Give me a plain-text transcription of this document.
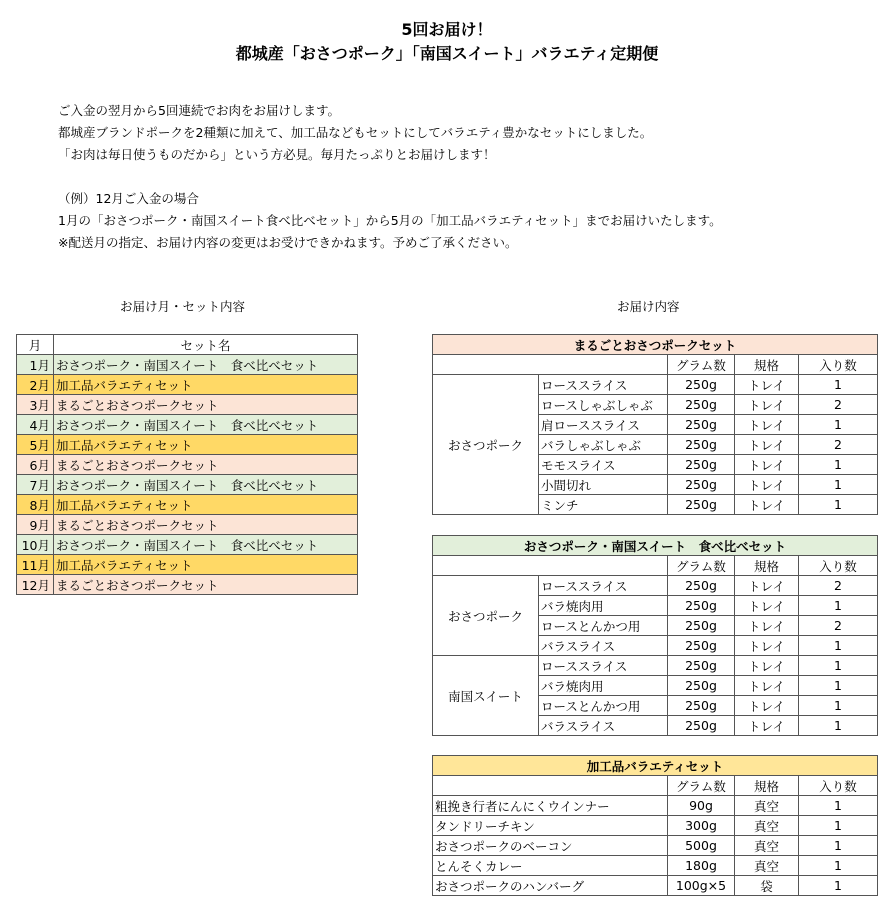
5回お届け！
都城産「おさつポーク」「南国スイート」バラエティ定期便
ご入金の翌月から5回連続でお肉をお届けします。
都城産ブランドポークを2種類に加えて、加工品などもセットにしてバラエティ豊かなセットにしました。
「お肉は毎日使うものだから」という方必見。毎月たっぷりとお届けします！
（例）12月ご入金の場合
1月の「おさつポーク・南国スイート食べ比べセット」から5月の「加工品バラエティセット」までお届けいたします。
※配送月の指定、お届け内容の変更はお受けできかねます。予めご了承ください。
お届け月・セット内容	お届け内容
月	セット名
1月	おさつポーク・南国スイート　食べ比べセット
2月	加工品バラエティセット
3月	まるごとおさつポークセット
4月	おさつポーク・南国スイート　食べ比べセット
5月	加工品バラエティセット
6月	まるごとおさつポークセット
7月	おさつポーク・南国スイート　食べ比べセット
8月	加工品バラエティセット
9月	まるごとおさつポークセット
10月	おさつポーク・南国スイート　食べ比べセット
11月	加工品バラエティセット
12月	まるごとおさつポークセット
まるごとおさつポークセット				
		グラム数	規格	入り数
おさつポーク	ローススライス	250g	トレイ	1
	ロースしゃぶしゃぶ	250g	トレイ	2
	肩ローススライス	250g	トレイ	1
	バラしゃぶしゃぶ	250g	トレイ	2
	モモスライス	250g	トレイ	1
	小間切れ	250g	トレイ	1
	ミンチ	250g	トレイ	1
おさつポーク・南国スイート　食べ比べセット				
		グラム数	規格	入り数
おさつポーク	ローススライス	250g	トレイ	2
	バラ焼肉用	250g	トレイ	1
	ロースとんかつ用	250g	トレイ	2
	バラスライス	250g	トレイ	1
南国スイート	ローススライス	250g	トレイ	1
	バラ焼肉用	250g	トレイ	1
	ロースとんかつ用	250g	トレイ	1
	バラスライス	250g	トレイ	1
加工品バラエティセット			
	グラム数	規格	入り数
粗挽き行者にんにくウインナー	90g	真空	1
タンドリーチキン	300g	真空	1
おさつポークのベーコン	500g	真空	1
とんそくカレー	180g	真空	1
おさつポークのハンバーグ	100g×5	袋	1
